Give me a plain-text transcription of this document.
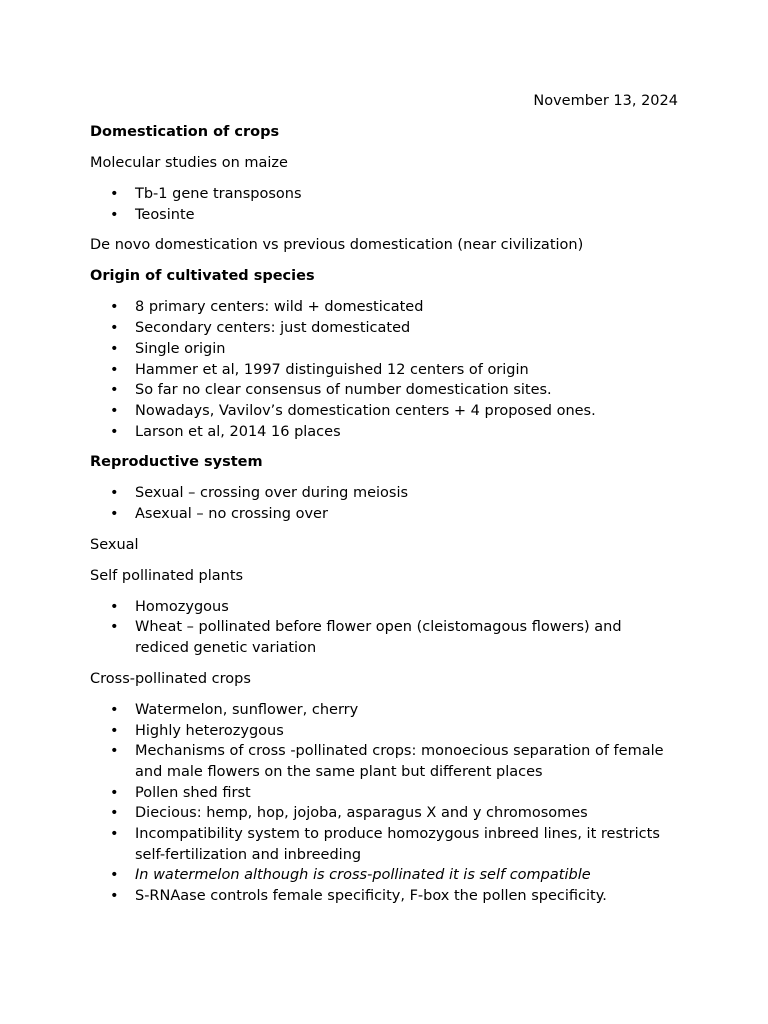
November 13, 2024
Domestication of crops
Molecular studies on maize
• Tb-1 gene transposons
• Teosinte
De novo domestication vs previous domestication (near civilization)
Origin of cultivated species
• 8 primary centers: wild + domesticated
• Secondary centers: just domesticated
• Single origin
• Hammer et al, 1997 distinguished 12 centers of origin
• So far no clear consensus of number domestication sites.
• Nowadays, Vavilov’s domestication centers + 4 proposed ones.
• Larson et al, 2014 16 places
Reproductive system
• Sexual – crossing over during meiosis
• Asexual – no crossing over
Sexual
Self pollinated plants
• Homozygous
• Wheat – pollinated before flower open (cleistomagous flowers) and rediced genetic variation
Cross-pollinated crops
• Watermelon, sunflower, cherry
• Highly heterozygous
• Mechanisms of cross -pollinated crops: monoecious separation of female and male flowers on the same plant but different places
• Pollen shed first
• Diecious: hemp, hop, jojoba, asparagus X and y chromosomes
• Incompatibility system to produce homozygous inbreed lines, it restricts self-fertilization and inbreeding
• In watermelon although is cross-pollinated it is self compatible
• S-RNAase controls female specificity, F-box the pollen specificity.
